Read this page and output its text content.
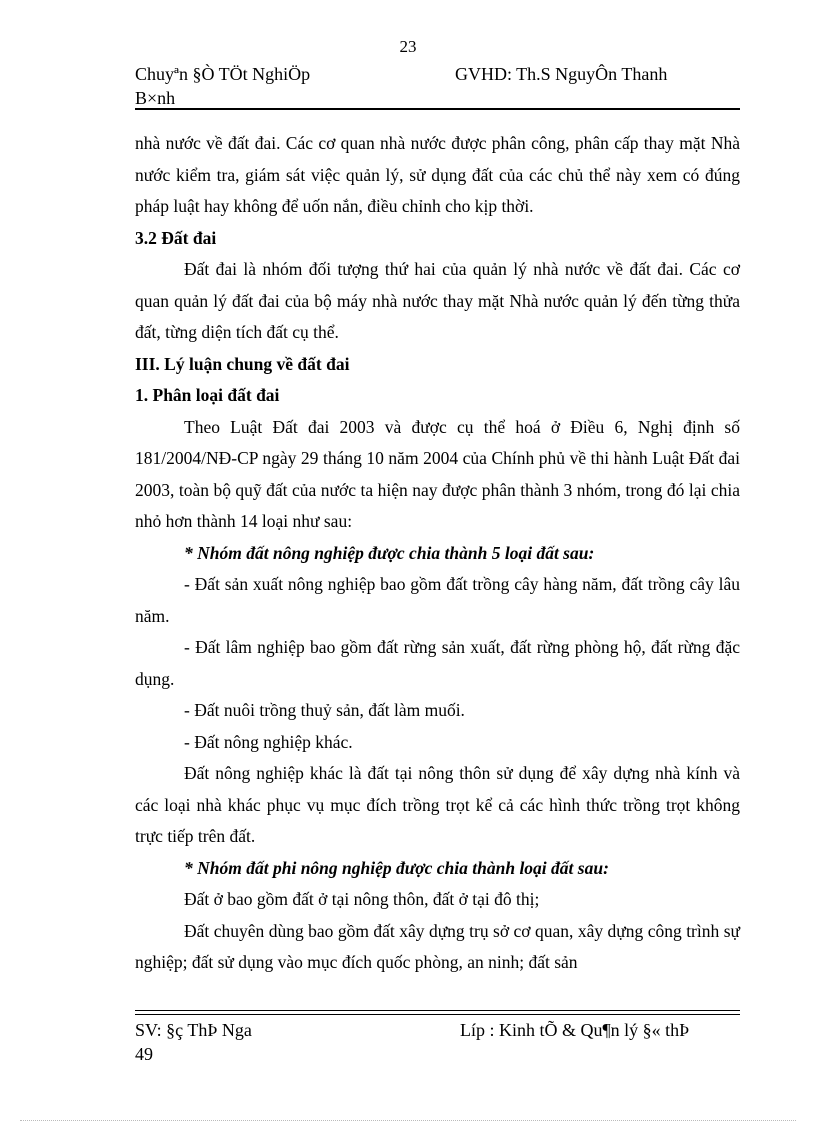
23
Chuyªn §Ò TÖt NghiÖp
B×nh
GVHD: Th.S NguyÔn Thanh

nhà nước về đất đai. Các cơ quan nhà nước được phân công, phân cấp thay mặt Nhà nước kiểm tra, giám sát việc quản lý, sử dụng đất của các chủ thể này xem có đúng pháp luật hay không để uốn nắn, điều chỉnh cho kịp thời.

3.2 Đất đai

Đất đai là nhóm đối tượng thứ hai của quản lý nhà nước về đất đai. Các cơ quan quản lý đất đai của bộ máy nhà nước thay mặt Nhà nước quản lý đến từng thửa đất, từng diện tích đất cụ thể.

III. Lý luận chung về đất đai

1. Phân loại đất đai

Theo Luật Đất đai 2003 và được cụ thể hoá ở Điều 6, Nghị định số 181/2004/NĐ-CP ngày 29 tháng 10 năm 2004 của Chính phủ về thi hành Luật Đất đai 2003, toàn bộ quỹ đất của nước ta hiện nay được phân thành 3 nhóm, trong đó lại chia nhỏ hơn thành 14 loại như sau:

* Nhóm đất nông nghiệp được chia thành 5 loại đất sau:

- Đất sản xuất nông nghiệp bao gồm đất trồng cây hàng năm, đất trồng cây lâu năm.

- Đất lâm nghiệp bao gồm đất rừng sản xuất, đất rừng phòng hộ, đất rừng đặc dụng.

- Đất nuôi trồng thuỷ sản, đất làm muối.

- Đất nông nghiệp khác.

Đất nông nghiệp khác là đất tại nông thôn sử dụng để xây dựng nhà kính và các loại nhà khác phục vụ mục đích trồng trọt kể cả các hình thức trồng trọt không trực tiếp trên đất.

* Nhóm đất phi nông nghiệp được chia thành loại đất sau:

Đất ở bao gồm đất ở tại nông thôn, đất ở tại đô thị;

Đất chuyên dùng bao gồm đất xây dựng trụ sở cơ quan, xây dựng công trình sự nghiệp; đất sử dụng vào mục đích quốc phòng, an ninh; đất sản

SV: §ç ThÞ Nga
49
Líp : Kinh tÕ & Qu¶n lý §« thÞ
